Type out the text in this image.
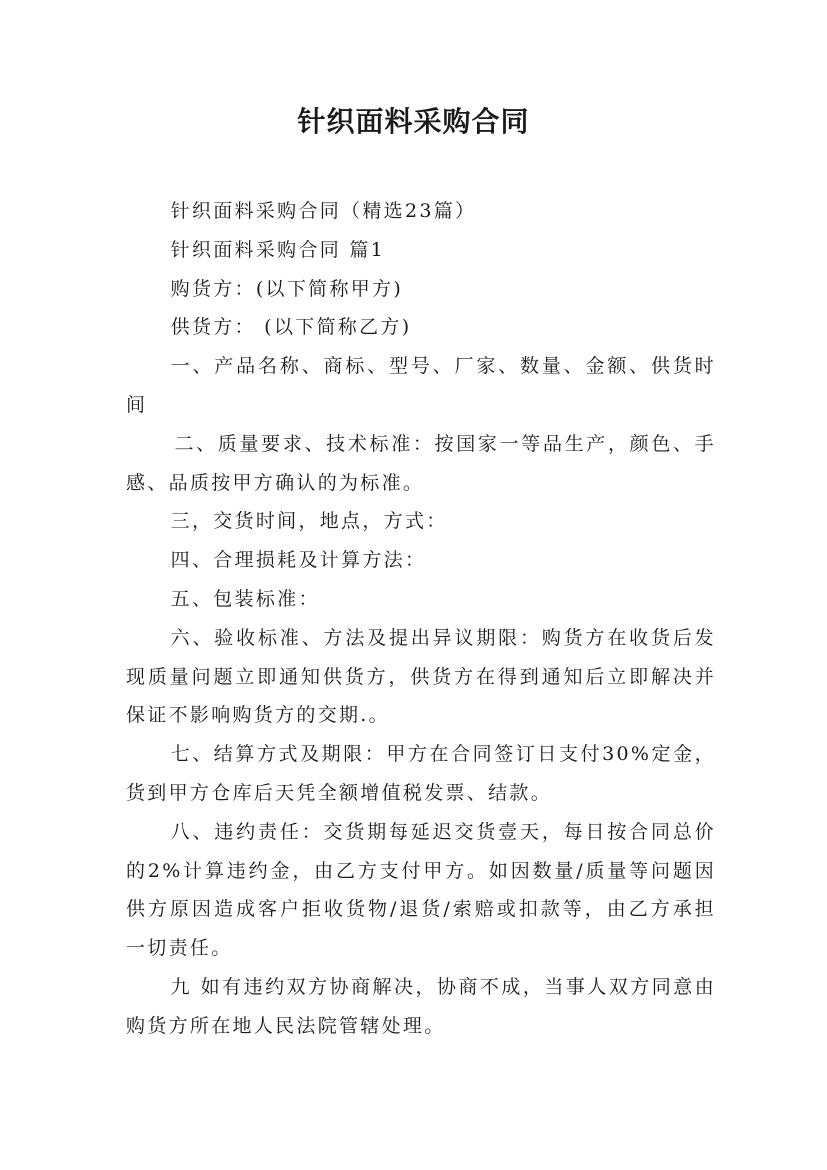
针织面料采购合同

针织面料采购合同（精选23篇）

针织面料采购合同 篇1

购货方：(以下简称甲方)

供货方： (以下简称乙方)

一、产品名称、商标、型号、厂家、数量、金额、供货时间

二、质量要求、技术标准：按国家一等品生产，颜色、手感、品质按甲方确认的为标准。

三，交货时间，地点，方式：

四、合理损耗及计算方法：

五、包装标准：

六、验收标准、方法及提出异议期限：购货方在收货后发现质量问题立即通知供货方，供货方在得到通知后立即解决并保证不影响购货方的交期.。

七、结算方式及期限：甲方在合同签订日支付30%定金，货到甲方仓库后天凭全额增值税发票、结款。

八、违约责任：交货期每延迟交货壹天，每日按合同总价的2%计算违约金，由乙方支付甲方。如因数量/质量等问题因供方原因造成客户拒收货物/退货/索赔或扣款等，由乙方承担一切责任。

九 如有违约双方协商解决，协商不成，当事人双方同意由购货方所在地人民法院管辖处理。
